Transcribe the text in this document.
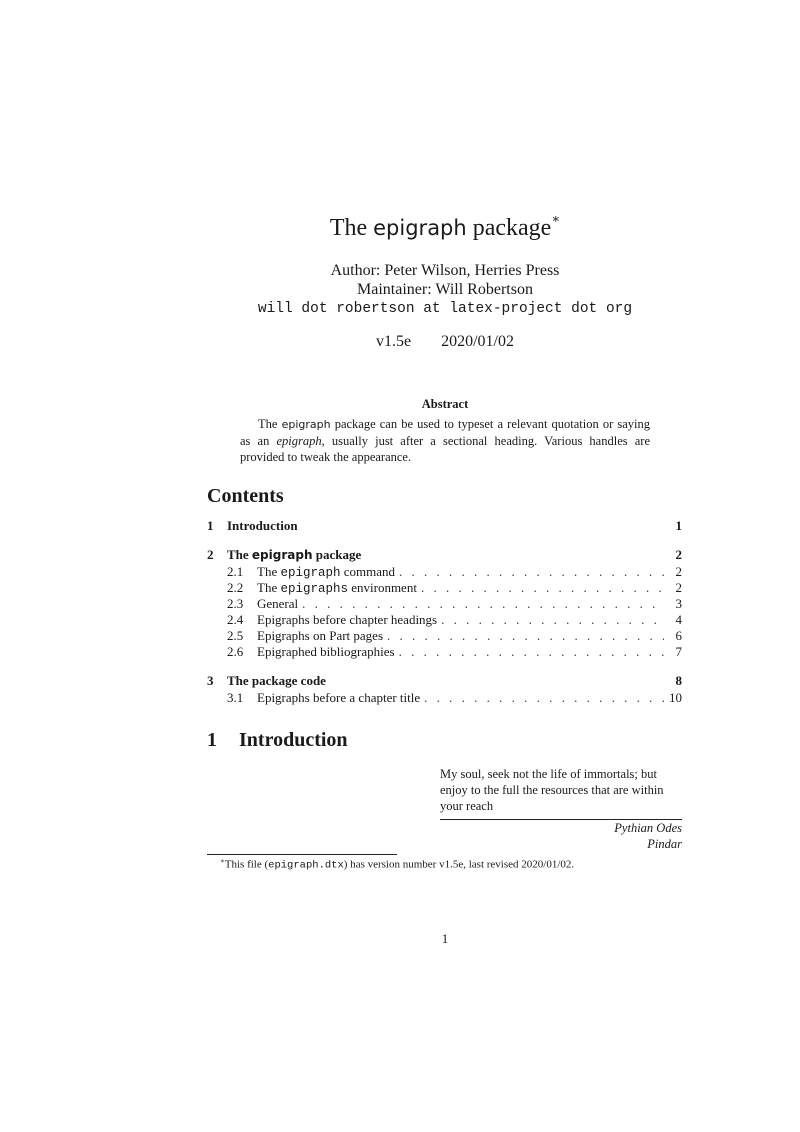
The epigraph package∗
Author: Peter Wilson, Herries Press
Maintainer: Will Robertson
will dot robertson at latex-project dot org
v1.5e 2020/01/02
Abstract
The epigraph package can be used to typeset a relevant quotation or saying as an epigraph, usually just after a sectional heading. Various handles are provided to tweak the appearance.
Contents
1	Introduction	1
2	The epigraph package	2
2.1	The epigraph command . . .	2
2.2	The epigraphs environment . . .	2
2.3	General . . .	3
2.4	Epigraphs before chapter headings . . .	4
2.5	Epigraphs on Part pages . . .	6
2.6	Epigraphed bibliographies . . .	7
3	The package code	8
3.1	Epigraphs before a chapter title . . .	10
1 Introduction
My soul, seek not the life of immortals; but enjoy to the full the resources that are within your reach
Pythian Odes
Pindar
∗This file (epigraph.dtx) has version number v1.5e, last revised 2020/01/02.
1
